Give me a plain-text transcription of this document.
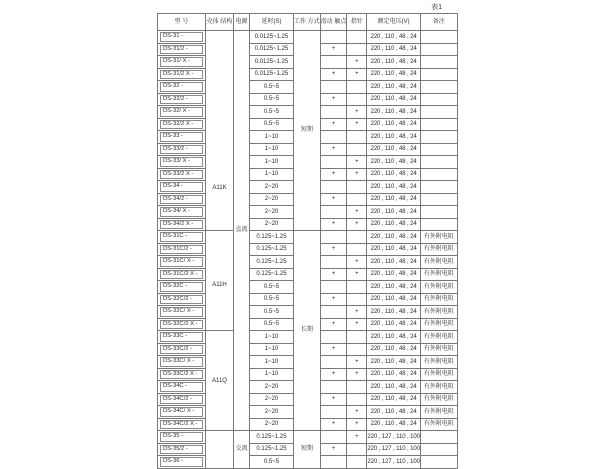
表1
型 号	壳体 结构	电源	延时(S)	工作 方式	滑动 触点	指针	额定电压(V)	备注

DS-31 -	A11K	直流	0.0125~1.25	短期			220 , 110 , 48 , 24	

DS-31/2 -			0.0125~1.25		+		220 , 110 , 48 , 24	

DS-31/ X -			0.0125~1.25			+	220 , 110 , 48 , 24	

DS-31/2 X -			0.0125~1.25		+	+	220 , 110 , 48 , 24	

DS-32 -			0.5~5				220 , 110 , 48 , 24	

DS-32/2 -			0.5~5		+		220 , 110 , 48 , 24	

DS-32/ X -			0.5~5			+	220 , 110 , 48 , 24	

DS-32/2 X -			0.5~5		+	+	220 , 110 , 48 , 24	

DS-33 -			1~10				220 , 110 , 48 , 24	

DS-33/2 -			1~10		+		220 , 110 , 48 , 24	

DS-33/ X -			1~10			+	220 , 110 , 48 , 24	

DS-33/2 X -			1~10		+	+	220 , 110 , 48 , 24	

DS-34 -			2~20				220 , 110 , 48 , 24	

DS-34/2 -			2~20		+		220 , 110 , 48 , 24	

DS-34/ X -			2~20			+	220 , 110 , 48 , 24	

DS-34/2 X -			2~20		+	+	220 , 110 , 48 , 24	

DS-31C -	A11H		0.125~1.25	长期			220 , 110 , 48 , 24	有外附电阻

DS-31C/2 -			0.125~1.25		+		220 , 110 , 48 , 24	有外附电阻

DS-31C/ X -			0.125~1.25			+	220 , 110 , 48 , 24	有外附电阻

DS-31C/2 X -			0.125~1.25		+	+	220 , 110 , 48 , 24	有外附电阻

DS-32C -			0.5~5				220 , 110 , 48 , 24	有外附电阻

DS-32C/2 -			0.5~5		+		220 , 110 , 48 , 24	有外附电阻

DS-32C/ X -			0.5~5			+	220 , 110 , 48 , 24	有外附电阻

DS-32C/2 X -			0.5~5		+	+	220 , 110 , 48 , 24	有外附电阻

DS-33C -	A11Q		1~10				220 , 110 , 48 , 24	有外附电阻

DS-33C/2 -			1~10		+		220 , 110 , 48 , 24	有外附电阻

DS-33C/ X -			1~10			+	220 , 110 , 48 , 24	有外附电阻

DS-33C/2 X -			1~10		+	+	220 , 110 , 48 , 24	有外附电阻

DS-34C -			2~20				220 , 110 , 48 , 24	有外附电阻

DS-34C/2 -			2~20		+		220 , 110 , 48 , 24	有外附电阻

DS-34C/ X -			2~20			+	220 , 110 , 48 , 24	有外附电阻

DS-34C/2 X -			2~20		+	+	220 , 110 , 48 , 24	有外附电阻

DS-35 -		交流	0.125~1.25	短期		+	220 , 127 , 110 , 100	

DS-35/2 -			0.125~1.25		+		220 , 127 , 110 , 100	

DS-36 -			0.5~5				220 , 127 , 110 , 100	
